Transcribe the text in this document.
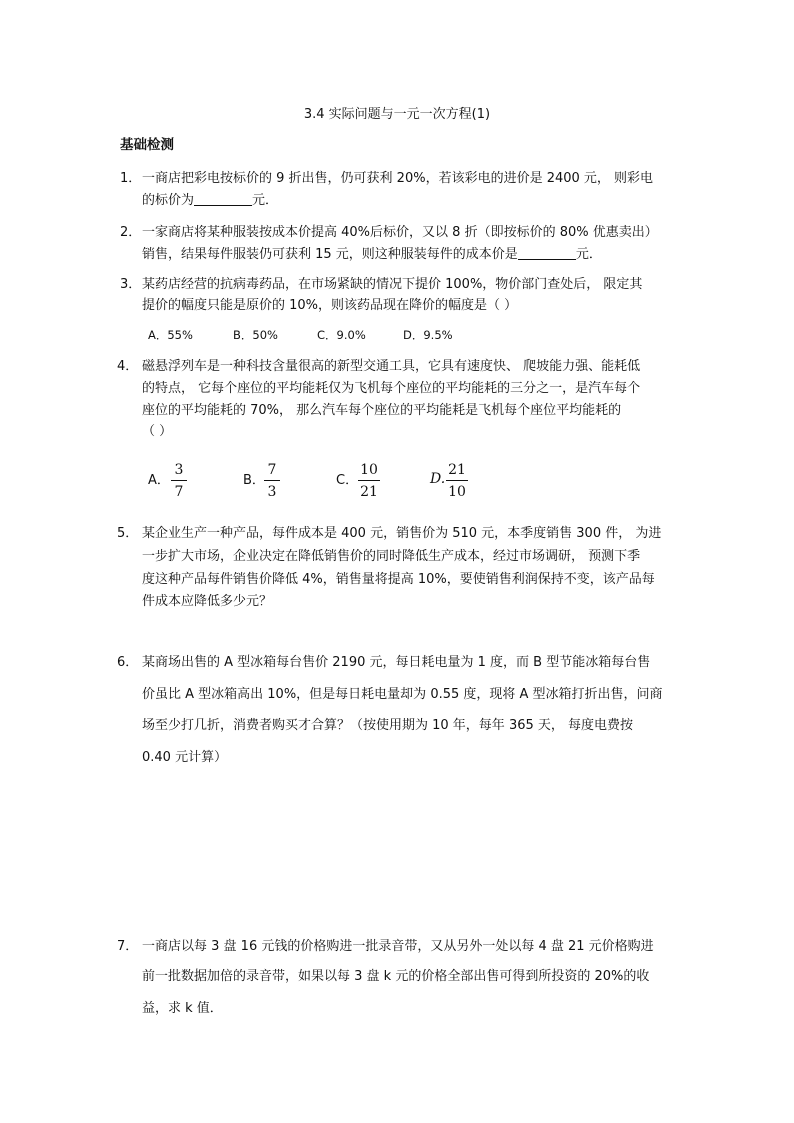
3.4 实际问题与一元一次方程(1)
基础检测
1． 一商店把彩电按标价的 9 折出售，仍可获利 20%，若该彩电的进价是 2400 元， 则彩电
的标价为	元．
2． 一家商店将某种服装按成本价提高 40%后标价，又以 8 折（即按标价的 80% 优惠卖出）
销售，结果每件服装仍可获利 15 元，则这种服装每件的成本价是	元．
3． 某药店经营的抗病毒药品，在市场紧缺的情况下提价 100%，物价部门查处后， 限定其
提价的幅度只能是原价的 10%，则该药品现在降价的幅度是（ ）
A．55%	B．50%	C．9.0%	D．9.5%
4． 磁悬浮列车是一种科技含量很高的新型交通工具，它具有速度快、 爬坡能力强、能耗低
的特点， 它每个座位的平均能耗仅为飞机每个座位的平均能耗的三分之一，是汽车每个
座位的平均能耗的 70%， 那么汽车每个座位的平均能耗是飞机每个座位平均能耗的
（ ）
A． $\frac{3}{7}$	B． $\frac{7}{3}$	C． $\frac{10}{21}$	D. $\frac{21}{10}$
5． 某企业生产一种产品，每件成本是 400 元，销售价为 510 元，本季度销售 300 件， 为进
一步扩大市场，企业决定在降低销售价的同时降低生产成本，经过市场调研， 预测下季
度这种产品每件销售价降低 4%，销售量将提高 10%，要使销售利润保持不变，该产品每
件成本应降低多少元？
6． 某商场出售的 A 型冰箱每台售价 2190 元，每日耗电量为 1 度，而 B 型节能冰箱每台售
价虽比 A 型冰箱高出 10%，但是每日耗电量却为 0.55 度，现将 A 型冰箱打折出售，问商
场至少打几折，消费者购买才合算？（按使用期为 10 年，每年 365 天， 每度电费按
0.40 元计算）
7． 一商店以每 3 盘 16 元钱的价格购进一批录音带，又从另外一处以每 4 盘 21 元价格购进
前一批数据加倍的录音带，如果以每 3 盘 k 元的价格全部出售可得到所投资的 20%的收
益，求 k 值．
